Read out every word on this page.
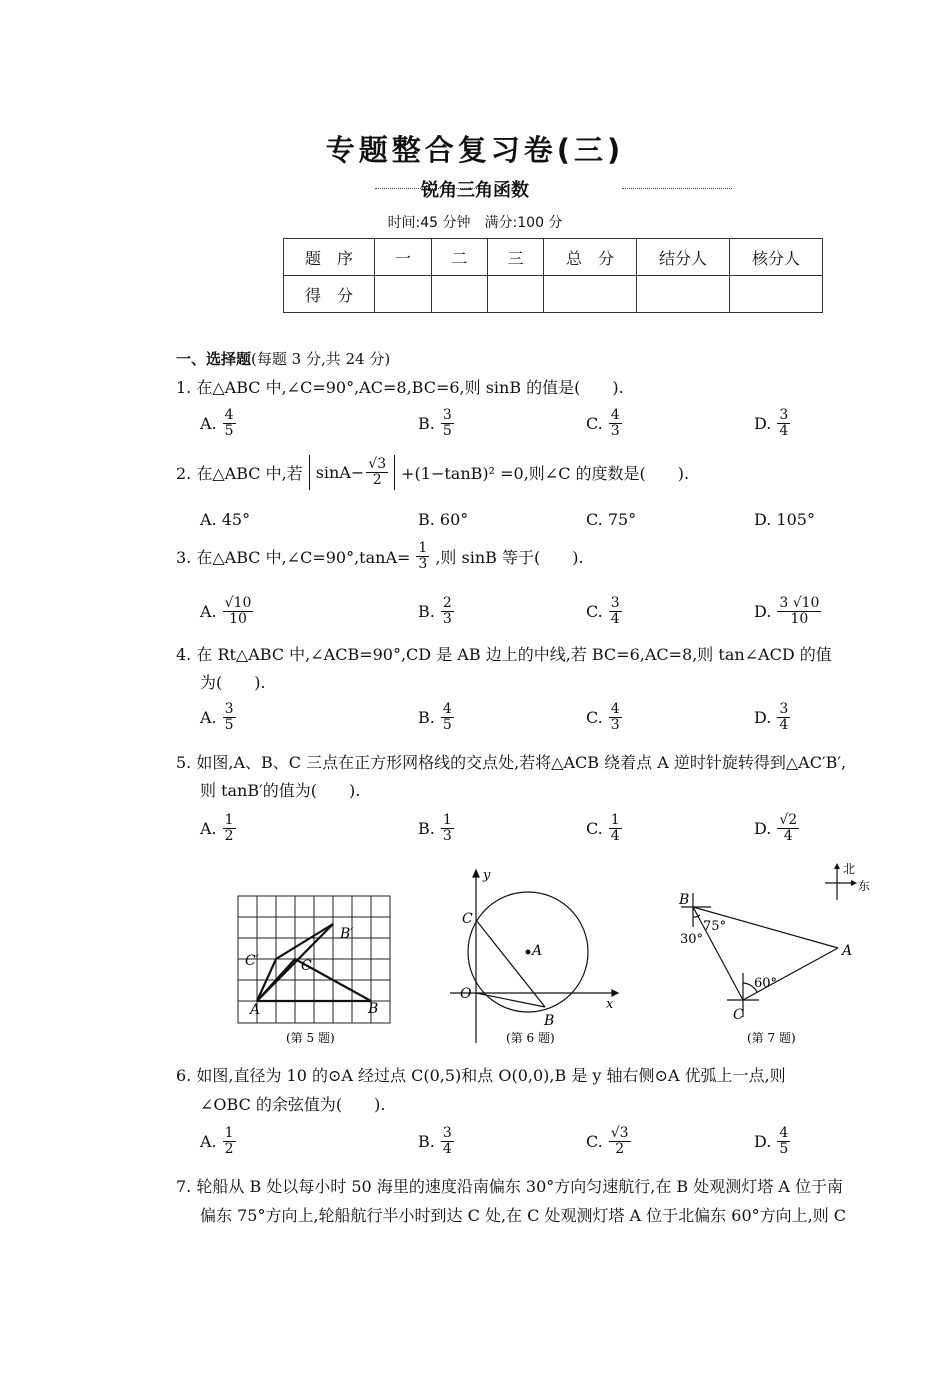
专题整合复习卷(三)
锐角三角函数
时间:45 分钟　满分:100 分
题　序	一	二	三	总　分	结分人	核分人
得　分						
一、选择题(每题 3 分,共 24 分)
1. 在△ABC 中,∠C=90°,AC=8,BC=6,则 sinB 的值是(　　).
A. $\frac{4}{5}$	B. $\frac{3}{5}$	C. $\frac{4}{3}$	D. $\frac{3}{4}$
2. 在△ABC 中,若 $\sin A- \frac{√3}{2} +(1-\tan B)^2 =0$,则∠C 的度数是(　　).
A. 45°	B. 60°	C. 75°	D. 105°
3. 在△ABC 中,∠C=90°,tanA= $\frac{1}{3}$ ,则 sinB 等于(　　).
A. $\frac{√10}{10}$	B. $\frac{2}{3}$	C. $\frac{3}{4}$	D. $\frac{3 √10}{10}$
4. 在 Rt△ABC 中,∠ACB=90°,CD 是 AB 边上的中线,若 BC=6,AC=8,则 tan∠ACD 的值
为(　　).
A. $\frac{3}{5}$	B. $\frac{4}{5}$	C. $\frac{4}{3}$	D. $\frac{3}{4}$
5. 如图,A、B、C 三点在正方形网格线的交点处,若将△ACB 绕着点 A 逆时针旋转得到△AC′B′,
则 tanB′的值为(　　).
A. $\frac{1}{2}$	B. $\frac{1}{3}$	C. $\frac{1}{4}$	D. $\frac{√2}{4}$
A	B
C
C′
B′
(第 5 题)
y
x
O
C
A
B
(第 6 题)
北
东
B
C
A
75°
30°
60°
(第 7 题)
6. 如图,直径为 10 的⊙A 经过点 C(0,5)和点 O(0,0),B 是 y 轴右侧⊙A 优弧上一点,则
∠OBC 的余弦值为(　　).
A. $\frac{1}{2}$	B. $\frac{3}{4}$	C. $\frac{√3}{2}$	D. $\frac{4}{5}$
7. 轮船从 B 处以每小时 50 海里的速度沿南偏东 30°方向匀速航行,在 B 处观测灯塔 A 位于南
偏东 75°方向上,轮船航行半小时到达 C 处,在 C 处观测灯塔 A 位于北偏东 60°方向上,则 C
